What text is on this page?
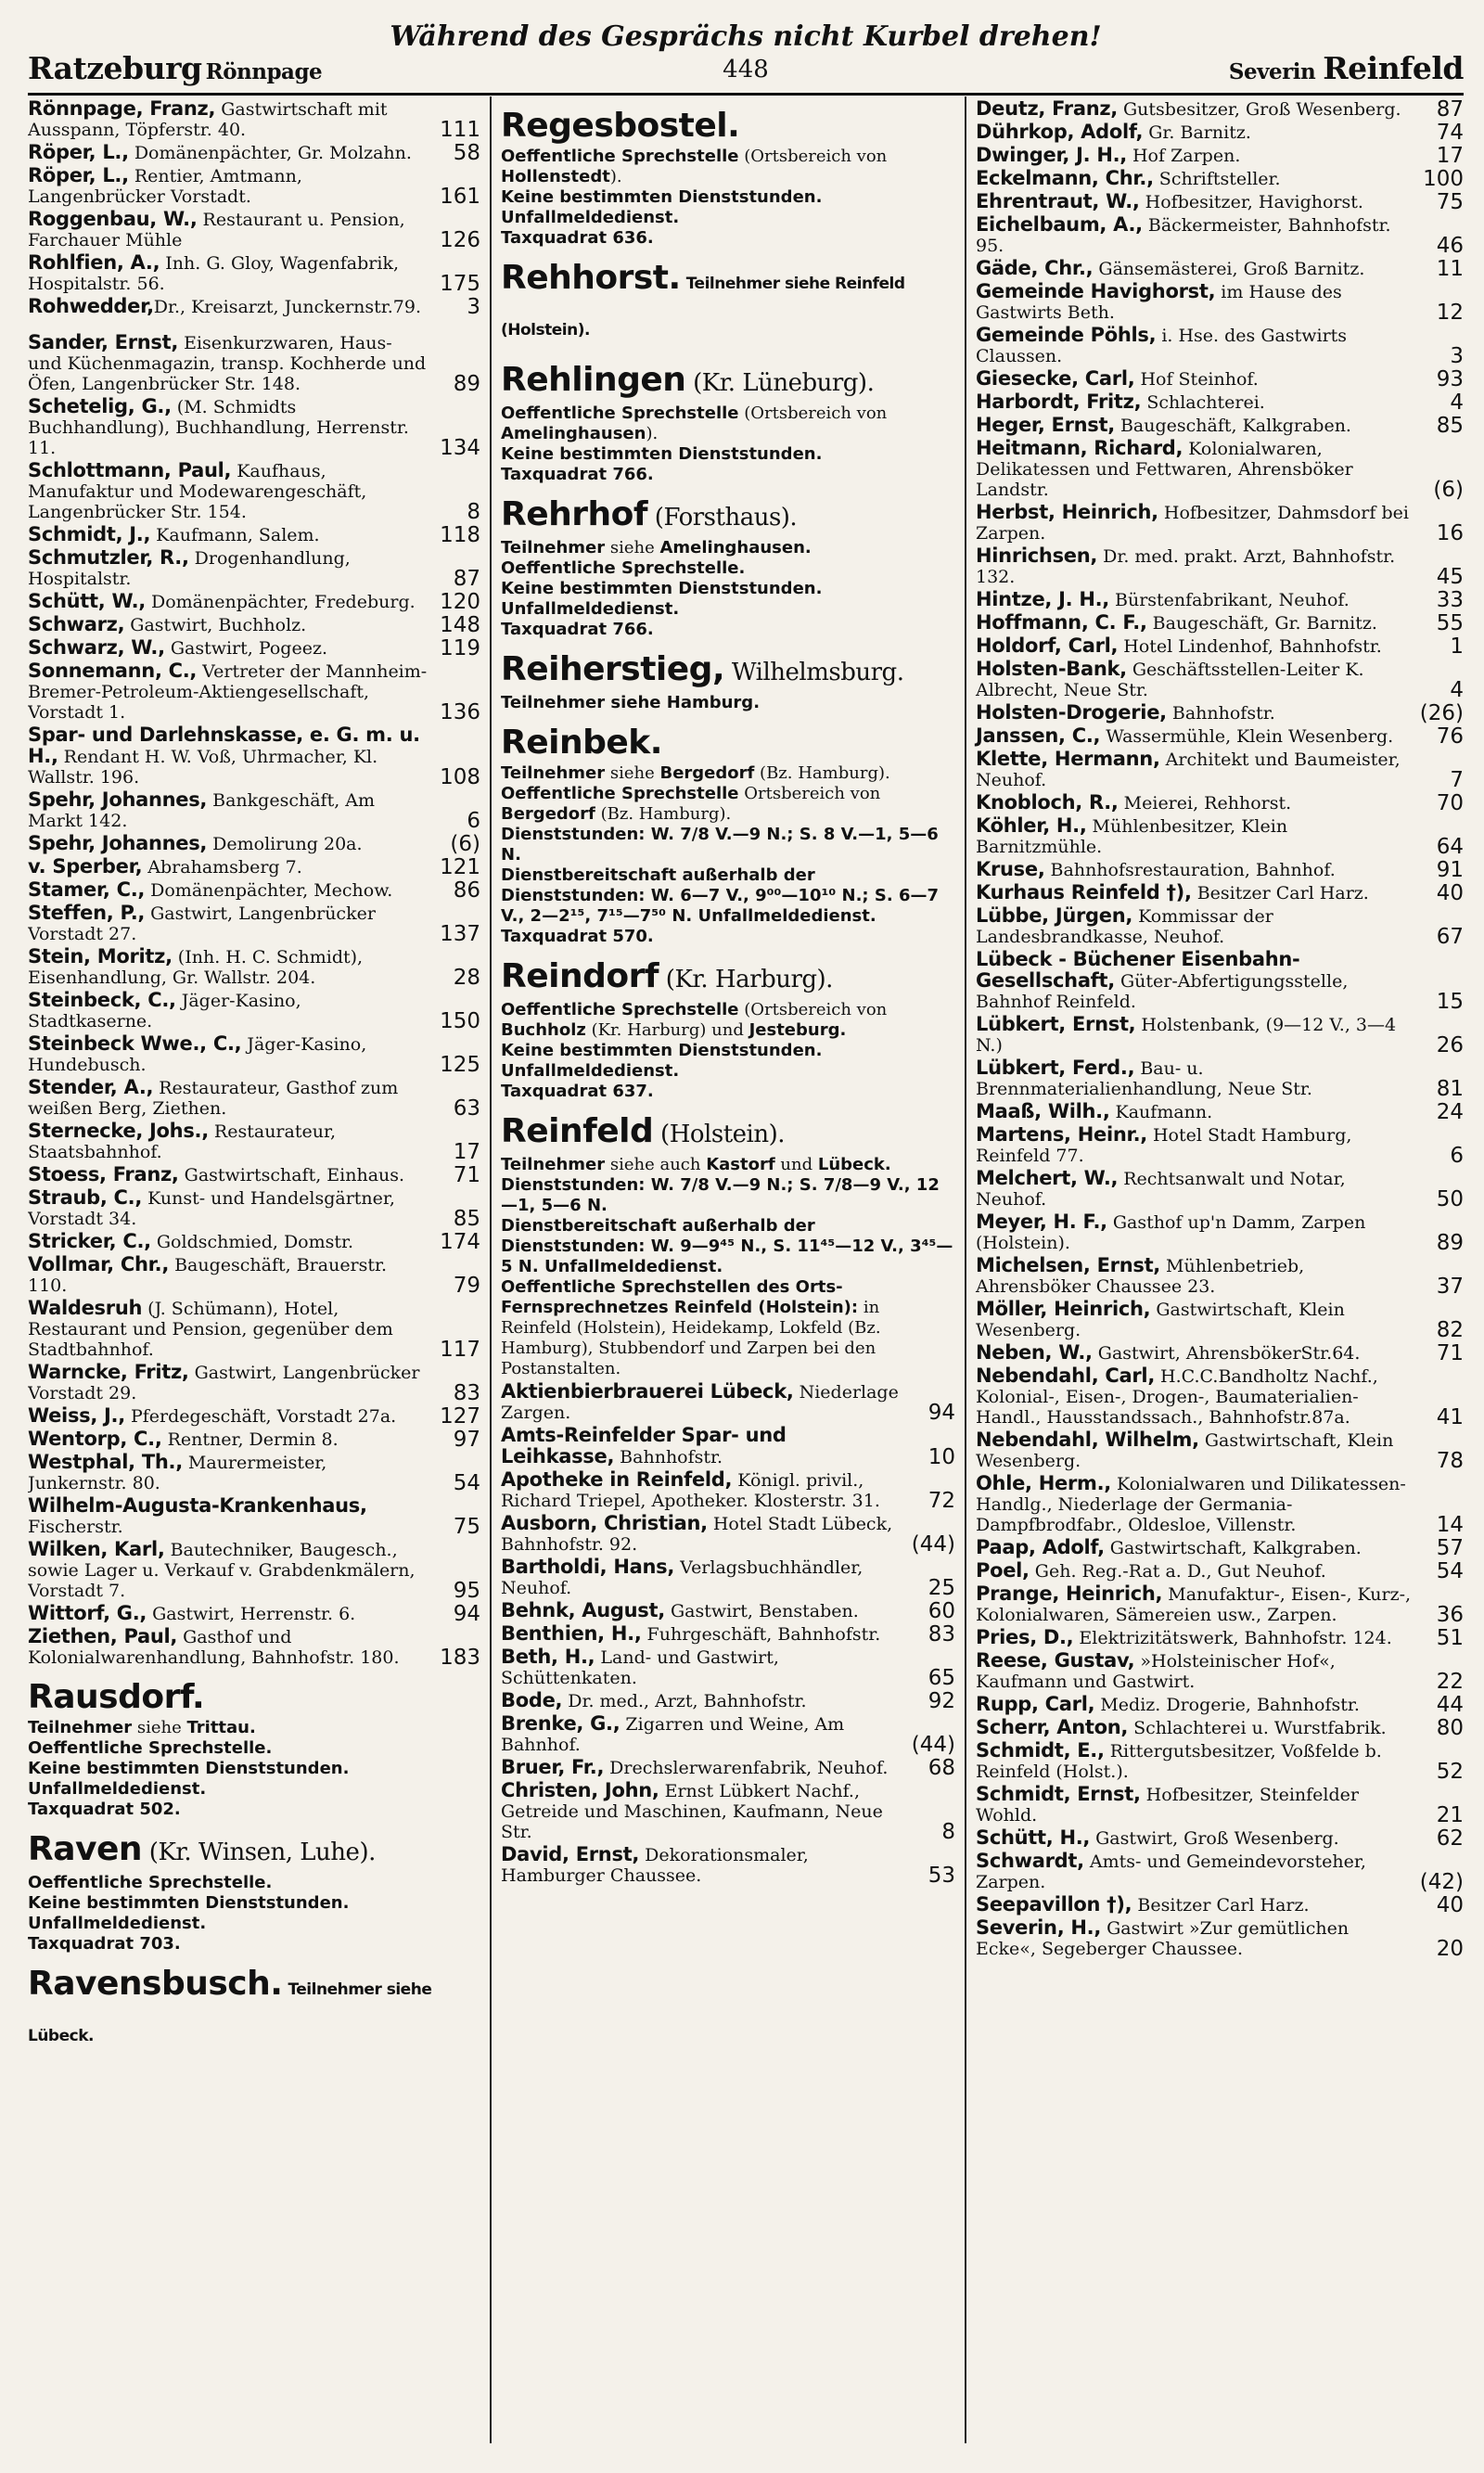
Während des Gesprächs nicht Kurbel drehen!
Ratzeburg Rönnpage	448	Severin Reinfeld
Rönnpage, Franz, Gastwirtschaft mit Ausspann, Töpferstr. 40.	111
Röper, L., Domänenpächter, Gr. Molzahn. 58
Röper, L., Rentier, Amtmann, Langenbrücker Vorstadt.	161
Roggenbau, W., Restaurant u. Pension, Farchauer Mühle	126
Rohlfien, A., Inh. G. Gloy, Wagenfabrik, Hospitalstr. 56.	175
Rohwedder,Dr., Kreisarzt, Junckernstr.79. 3
Sander, Ernst, Eisenkurzwaren, Haus- und Küchenmagazin, transp. Kochherde und Öfen, Langenbrücker Str. 148.	89
Schetelig, G., (M. Schmidts Buchhandlung), Buchhandlung, Herrenstr. 11.	134
Schlottmann, Paul, Kaufhaus, Manufaktur und Modewarengeschäft, Langenbrücker Str. 154.	8
Schmidt, J., Kaufmann, Salem.	118
Schmutzler, R., Drogenhandlung, Hospitalstr.	87
Schütt, W., Domänenpächter, Fredeburg. 120
Schwarz, Gastwirt, Buchholz.	148
Schwarz, W., Gastwirt, Pogeez.	119
Sonnemann, C., Vertreter der Mannheim-Bremer-Petroleum-Aktiengesellschaft, Vorstadt 1.	136
Spar- und Darlehnskasse, e. G. m. u. H., Rendant H. W. Voß, Uhrmacher, Kl. Wallstr. 196.	108
Spehr, Johannes, Bankgeschäft, Am Markt 142.	6
Spehr, Johannes, Demolirung 20a.	(6)
v. Sperber, Abrahamsberg 7.	121
Stamer, C., Domänenpächter, Mechow.	86
Steffen, P., Gastwirt, Langenbrücker Vorstadt 27.	137
Stein, Moritz, (Inh. H. C. Schmidt), Eisenhandlung, Gr. Wallstr. 204.	28
Steinbeck, C., Jäger-Kasino, Stadtkaserne.	150
Steinbeck Wwe., C., Jäger-Kasino, Hundebusch.	125
Stender, A., Restaurateur, Gasthof zum weißen Berg, Ziethen.	63
Sternecke, Johs., Restaurateur, Staatsbahnhof.	17
Stoess, Franz, Gastwirtschaft, Einhaus. 71
Straub, C., Kunst- und Handelsgärtner, Vorstadt 34.	85
Stricker, C., Goldschmied, Domstr.	174
Vollmar, Chr., Baugeschäft, Brauerstr. 110.	79
Waldesruh (J. Schümann), Hotel, Restaurant und Pension, gegenüber dem Stadtbahnhof.	117
Warncke, Fritz, Gastwirt, Langenbrücker Vorstadt 29.	83
Weiss, J., Pferdegeschäft, Vorstadt 27a. 127
Wentorp, C., Rentner, Dermin 8.	97
Westphal, Th., Maurermeister, Junkernstr. 80.	54
Wilhelm-Augusta-Krankenhaus, Fischerstr.	75
Wilken, Karl, Bautechniker, Baugesch., sowie Lager u. Verkauf v. Grabdenkmälern, Vorstadt 7.	95
Wittorf, G., Gastwirt, Herrenstr. 6.	94
Ziethen, Paul, Gasthof und Kolonialwarenhandlung, Bahnhofstr. 180. 183
Rausdorf.
Teilnehmer siehe Trittau.
Oeffentliche Sprechstelle.
Keine bestimmten Dienststunden. Unfallmeldedienst.
Taxquadrat 502.
Raven (Kr. Winsen, Luhe).
Oeffentliche Sprechstelle.
Keine bestimmten Dienststunden. Unfallmeldedienst.
Taxquadrat 703.
Ravensbusch. Teilnehmer siehe Lübeck.
Regesbostel.
Oeffentliche Sprechstelle (Ortsbereich von Hollenstedt).
Keine bestimmten Dienststunden. Unfallmeldedienst.
Taxquadrat 636.
Rehhorst. Teilnehmer siehe Reinfeld (Holstein).
Rehlingen (Kr. Lüneburg).
Oeffentliche Sprechstelle (Ortsbereich von Amelinghausen).
Keine bestimmten Dienststunden.
Taxquadrat 766.
Rehrhof (Forsthaus).
Teilnehmer siehe Amelinghausen.
Oeffentliche Sprechstelle.
Keine bestimmten Dienststunden. Unfallmeldedienst.
Taxquadrat 766.
Reiherstieg, Wilhelmsburg.
Teilnehmer siehe Hamburg.
Reinbek.
Teilnehmer siehe Bergedorf (Bz. Hamburg).
Oeffentliche Sprechstelle Ortsbereich von Bergedorf (Bz. Hamburg).
Dienststunden: W. 7/8 V.—9 N.; S. 8 V.—1, 5—6 N.
Dienstbereitschaft außerhalb der Dienststunden: W. 6—7 V., 9⁰⁰—10¹⁰ N.; S. 6—7 V., 2—2¹⁵, 7¹⁵—7⁵⁰ N. Unfallmeldedienst.
Taxquadrat 570.
Reindorf (Kr. Harburg).
Oeffentliche Sprechstelle (Ortsbereich von Buchholz (Kr. Harburg) und Jesteburg.
Keine bestimmten Dienststunden. Unfallmeldedienst.
Taxquadrat 637.
Reinfeld (Holstein).
Teilnehmer siehe auch Kastorf und Lübeck.
Dienststunden: W. 7/8 V.—9 N.; S. 7/8—9 V., 12—1, 5—6 N.
Dienstbereitschaft außerhalb der Dienststunden: W. 9—9⁴⁵ N., S. 11⁴⁵—12 V., 3⁴⁵—5 N. Unfallmeldedienst.
Oeffentliche Sprechstellen des Orts-Fernsprechnetzes Reinfeld (Holstein): in Reinfeld (Holstein), Heidekamp, Lokfeld (Bz. Hamburg), Stubbendorf und Zarpen bei den Postanstalten.
Aktienbierbrauerei Lübeck, Niederlage Zargen.	94
Amts-Reinfelder Spar- und Leihkasse, Bahnhofstr.	10
Apotheke in Reinfeld, Königl. privil., Richard Triepel, Apotheker. Klosterstr. 31. 72
Ausborn, Christian, Hotel Stadt Lübeck, Bahnhofstr. 92.	(44)
Bartholdi, Hans, Verlagsbuchhändler, Neuhof.	25
Behnk, August, Gastwirt, Benstaben.	60
Benthien, H., Fuhrgeschäft, Bahnhofstr. 83
Beth, H., Land- und Gastwirt, Schüttenkaten.	65
Bode, Dr. med., Arzt, Bahnhofstr.	92
Brenke, G., Zigarren und Weine, Am Bahnhof.	(44)
Bruer, Fr., Drechslerwarenfabrik, Neuhof. 68
Christen, John, Ernst Lübkert Nachf., Getreide und Maschinen, Kaufmann, Neue Str.	8
David, Ernst, Dekorationsmaler, Hamburger Chaussee.	53
Deutz, Franz, Gutsbesitzer, Groß Wesenberg. 87
Dührkop, Adolf, Gr. Barnitz.	74
Dwinger, J. H., Hof Zarpen.	17
Eckelmann, Chr., Schriftsteller.	100
Ehrentraut, W., Hofbesitzer, Havighorst.	75
Eichelbaum, A., Bäckermeister, Bahnhofstr. 95.	46
Gäde, Chr., Gänsemästerei, Groß Barnitz.	11
Gemeinde Havighorst, im Hause des Gastwirts Beth.	12
Gemeinde Pöhls, i. Hse. des Gastwirts Claussen.	3
Giesecke, Carl, Hof Steinhof.	93
Harbordt, Fritz, Schlachterei.	4
Heger, Ernst, Baugeschäft, Kalkgraben.	85
Heitmann, Richard, Kolonialwaren, Delikatessen und Fettwaren, Ahrensböker Landstr.	(6)
Herbst, Heinrich, Hofbesitzer, Dahmsdorf bei Zarpen.	16
Hinrichsen, Dr. med. prakt. Arzt, Bahnhofstr. 132.	45
Hintze, J. H., Bürstenfabrikant, Neuhof.	33
Hoffmann, C. F., Baugeschäft, Gr. Barnitz.	55
Holdorf, Carl, Hotel Lindenhof, Bahnhofstr.	1
Holsten-Bank, Geschäftsstellen-Leiter K. Albrecht, Neue Str.	4
Holsten-Drogerie, Bahnhofstr.	(26)
Janssen, C., Wassermühle, Klein Wesenberg. 76
Klette, Hermann, Architekt und Baumeister, Neuhof.	7
Knobloch, R., Meierei, Rehhorst.	70
Köhler, H., Mühlenbesitzer, Klein Barnitzmühle.	64
Kruse, Bahnhofsrestauration, Bahnhof.	91
Kurhaus Reinfeld †), Besitzer Carl Harz.	40
Lübbe, Jürgen, Kommissar der Landesbrandkasse, Neuhof.	67
Lübeck - Büchener Eisenbahn-Gesellschaft, Güter-Abfertigungsstelle, Bahnhof Reinfeld.	15
Lübkert, Ernst, Holstenbank, (9—12 V., 3—4 N.)	26
Lübkert, Ferd., Bau- u. Brennmaterialienhandlung, Neue Str.	81
Maaß, Wilh., Kaufmann.	24
Martens, Heinr., Hotel Stadt Hamburg, Reinfeld 77.	6
Melchert, W., Rechtsanwalt und Notar, Neuhof.	50
Meyer, H. F., Gasthof up'n Damm, Zarpen (Holstein).	89
Michelsen, Ernst, Mühlenbetrieb, Ahrensböker Chaussee 23.	37
Möller, Heinrich, Gastwirtschaft, Klein Wesenberg.	82
Neben, W., Gastwirt, AhrensbökerStr.64.	71
Nebendahl, Carl, H.C.C.Bandholtz Nachf., Kolonial-, Eisen-, Drogen-, Baumaterialien-Handl., Hausstandssach., Bahnhofstr.87a.	41
Nebendahl, Wilhelm, Gastwirtschaft, Klein Wesenberg.	78
Ohle, Herm., Kolonialwaren und Dilikatessen-Handlg., Niederlage der Germania-Dampfbrodfabr., Oldesloe, Villenstr.	14
Paap, Adolf, Gastwirtschaft, Kalkgraben.	57
Poel, Geh. Reg.-Rat a. D., Gut Neuhof.	54
Prange, Heinrich, Manufaktur-, Eisen-, Kurz-, Kolonialwaren, Sämereien usw., Zarpen.	36
Pries, D., Elektrizitätswerk, Bahnhofstr. 124. 51
Reese, Gustav, »Holsteinischer Hof«, Kaufmann und Gastwirt.	22
Rupp, Carl, Mediz. Drogerie, Bahnhofstr.	44
Scherr, Anton, Schlachterei u. Wurstfabrik. 80
Schmidt, E., Rittergutsbesitzer, Voßfelde b. Reinfeld (Holst.).	52
Schmidt, Ernst, Hofbesitzer, Steinfelder Wohld.	21
Schütt, H., Gastwirt, Groß Wesenberg.	62
Schwardt, Amts- und Gemeindevorsteher, Zarpen.	(42)
Seepavillon †), Besitzer Carl Harz.	40
Severin, H., Gastwirt »Zur gemütlichen Ecke«, Segeberger Chaussee.	20
